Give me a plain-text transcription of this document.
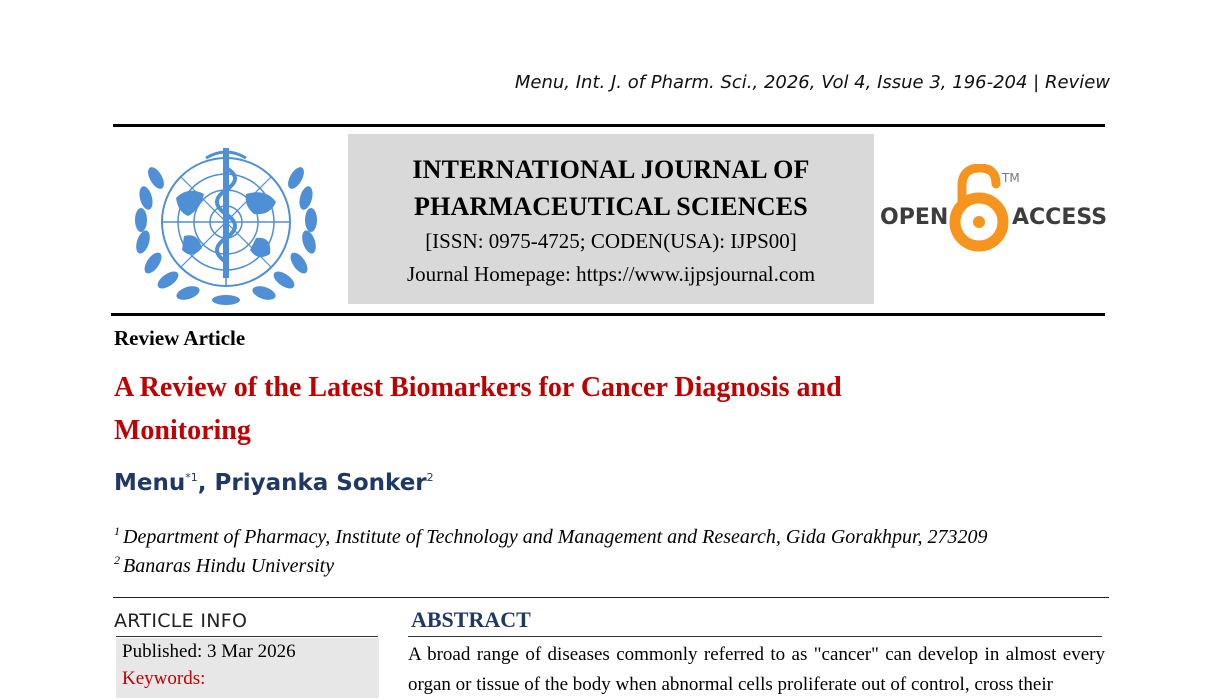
Menu, Int. J. of Pharm. Sci., 2026, Vol 4, Issue 3, 196-204 | Review
INTERNATIONAL JOURNAL OF
PHARMACEUTICAL SCIENCES
[ISSN: 0975-4725; CODEN(USA): IJPS00]
Journal Homepage: https://www.ijpsjournal.com
OPEN
TM
ACCESS
Review Article
A Review of the Latest Biomarkers for Cancer Diagnosis and
Monitoring
Menu$^{*1}$, Priyanka Sonker$^2$
$^1$ Department of Pharmacy, Institute of Technology and Management and Research, Gida Gorakhpur, 273209
$^2$ Banaras Hindu University
ARTICLE INFO
Published: 3 Mar 2026
Keywords:
ABSTRACT
A broad range of diseases commonly referred to as "cancer" can develop in almost every organ or tissue of the body when abnormal cells proliferate out of control, cross their
